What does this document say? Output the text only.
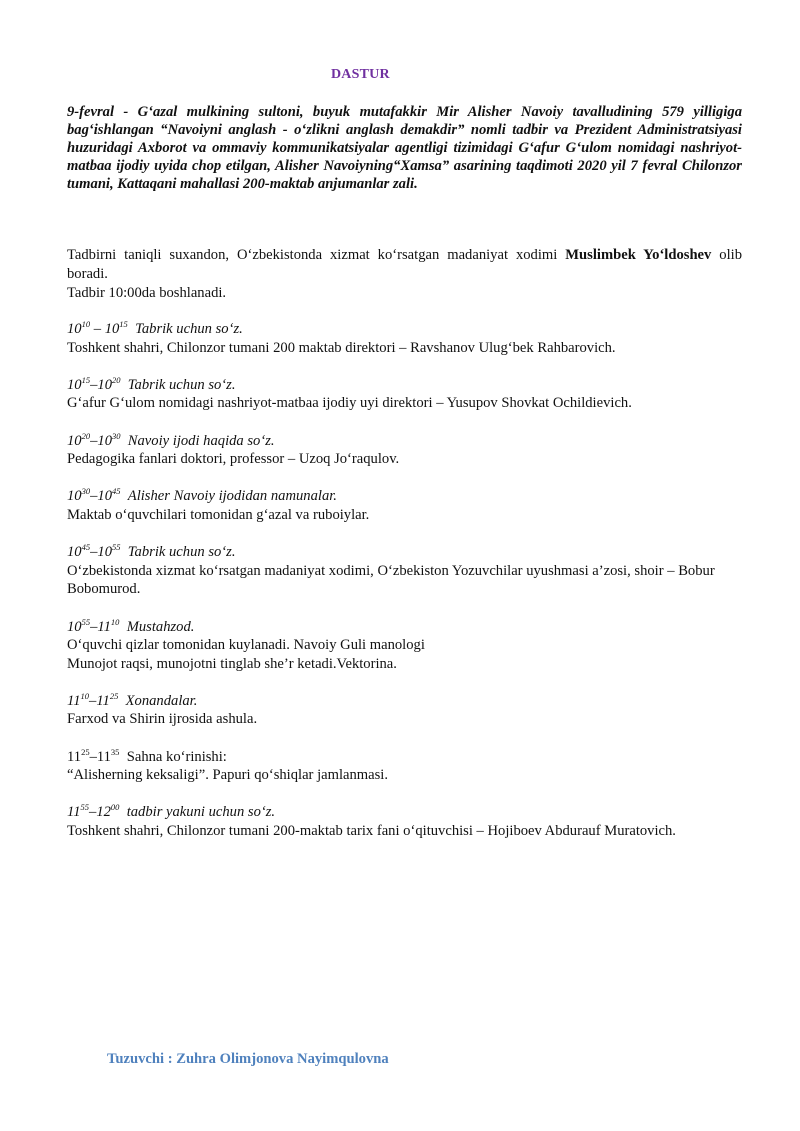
DASTUR
9-fevral - G‘azal mulkining sultoni, buyuk mutafakkir Mir Alisher Navoiy tavalludining 579 yilligiga bag‘ishlangan “Navoiyni anglash - o‘zlikni anglash demakdir” nomli tadbir va Prezident Administratsiyasi huzuridagi Axborot va ommaviy kommunikatsiyalar agentligi tizimidagi G‘afur G‘ulom nomidagi nashriyot-matbaa ijodiy uyida chop etilgan, Alisher Navoiyning“Xamsa” asarining taqdimoti 2020 yil 7 fevral Chilonzor tumani, Kattaqani mahallasi 200-maktab anjumanlar zali.
Tadbirni taniqli suxandon, O‘zbekistonda xizmat ko‘rsatgan madaniyat xodimi Muslimbek Yo‘ldoshev olib boradi.
Tadbir 10:00da boshlanadi.
$10^{10} - 10^{15}$ Tabrik uchun so‘z.
Toshkent shahri, Chilonzor tumani 200 maktab direktori – Ravshanov Ulug‘bek Rahbarovich.
$10^{15}-10^{20}$ Tabrik uchun so‘z.
G‘afur G‘ulom nomidagi nashriyot-matbaa ijodiy uyi direktori – Yusupov Shovkat Ochildievich.
$10^{20}-10^{30}$ Navoiy ijodi haqida so‘z.
Pedagogika fanlari doktori, professor – Uzoq Jo‘raqulov.
$10^{30}-10^{45}$ Alisher Navoiy ijodidan namunalar.
Maktab o‘quvchilari tomonidan g‘azal va ruboiylar.
$10^{45}-10^{55}$ Tabrik uchun so‘z.
O‘zbekistonda xizmat ko‘rsatgan madaniyat xodimi, O‘zbekiston Yozuvchilar uyushmasi a’zosi, shoir – Bobur Bobomurod.
$10^{55}-11^{10}$ Mustahzod.
O‘quvchi qizlar tomonidan kuylanadi. Navoiy Guli manologi
Munojot raqsi, munojotni tinglab she’r ketadi.Vektorina.
$11^{10}-11^{25}$ Xonandalar.
Farxod va Shirin ijrosida ashula.
$11^{25}-11^{35}$ Sahna ko‘rinishi:
“Alisherning keksaligi”. Papuri qo‘shiqlar jamlanmasi.
$11^{55}-12^{00}$ tadbir yakuni uchun so‘z.
Toshkent shahri, Chilonzor tumani 200-maktab tarix fani o‘qituvchisi – Hojiboev Abdurauf Muratovich.
Tuzuvchi : Zuhra Olimjonova Nayimqulovna
